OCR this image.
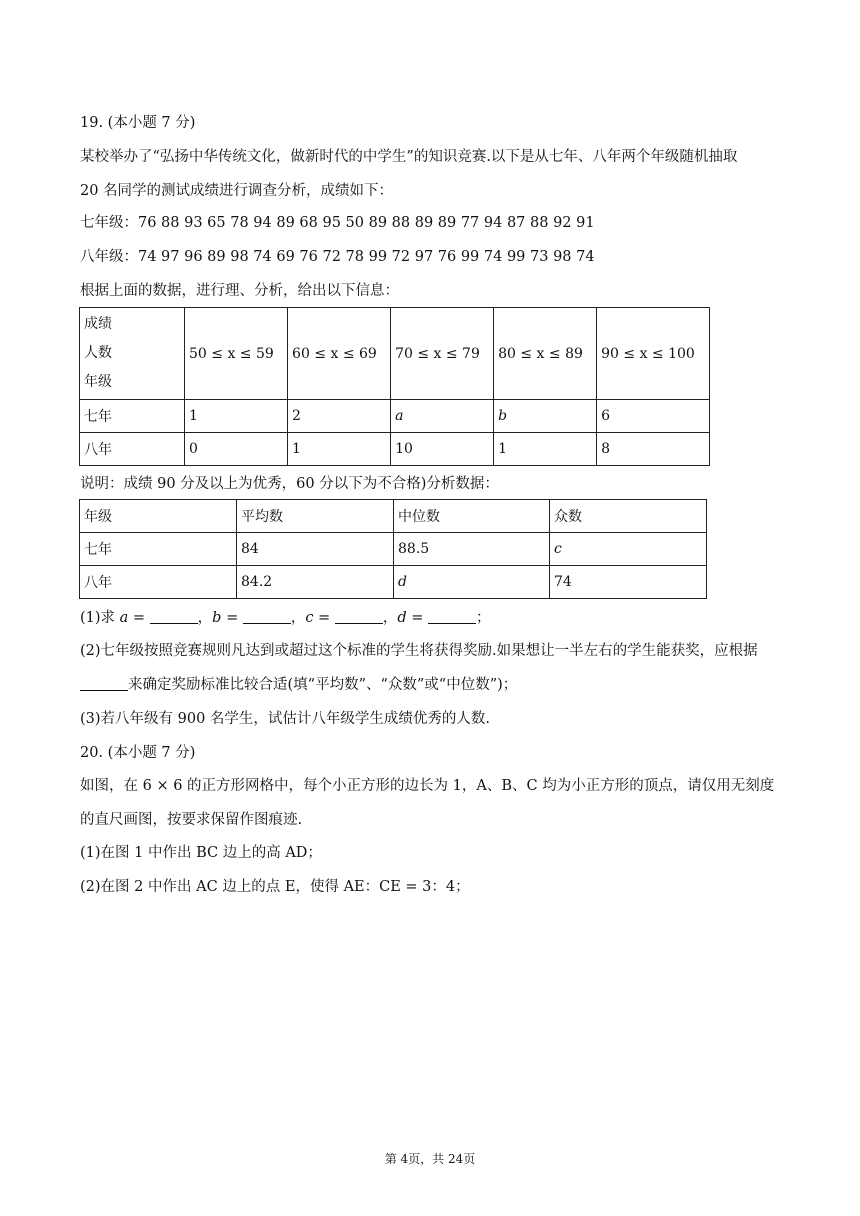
19. (本小题 7 分)
某校举办了“弘扬中华传统文化，做新时代的中学生”的知识竞赛.以下是从七年、八年两个年级随机抽取
20 名同学的测试成绩进行调查分析，成绩如下：
七年级：76 88 93 65 78 94 89 68 95 50 89 88 89 89 77 94 87 88 92 91
八年级：74 97 96 89 98 74 69 76 72 78 99 72 97 76 99 74 99 73 98 74
根据上面的数据，进行理、分析，给出以下信息：
成绩
人数
年级	50 ≤ x ≤ 59	60 ≤ x ≤ 69	70 ≤ x ≤ 79	80 ≤ x ≤ 89	90 ≤ x ≤ 100
七年	1	2	a	b	6
八年	0	1	10	1	8
说明：成绩 90 分及以上为优秀，60 分以下为不合格)分析数据：
年级	平均数	中位数	众数
七年	84	88.5	c
八年	84.2	d	74
(1)求 a =	，b =	，c =	，d =	；
(2)七年级按照竞赛规则凡达到或超过这个标准的学生将获得奖励.如果想让一半左右的学生能获奖，应根据
来确定奖励标准比较合适(填“平均数”、“众数”或“中位数”)；
(3)若八年级有 900 名学生，试估计八年级学生成绩优秀的人数.
20. (本小题 7 分)
如图，在 6 × 6 的正方形网格中，每个小正方形的边长为 1，A、B、C 均为小正方形的顶点，请仅用无刻度
的直尺画图，按要求保留作图痕迹.
(1)在图 1 中作出 BC 边上的高 AD；
(2)在图 2 中作出 AC 边上的点 E，使得 AE：CE = 3：4；
第 4页，共 24页
